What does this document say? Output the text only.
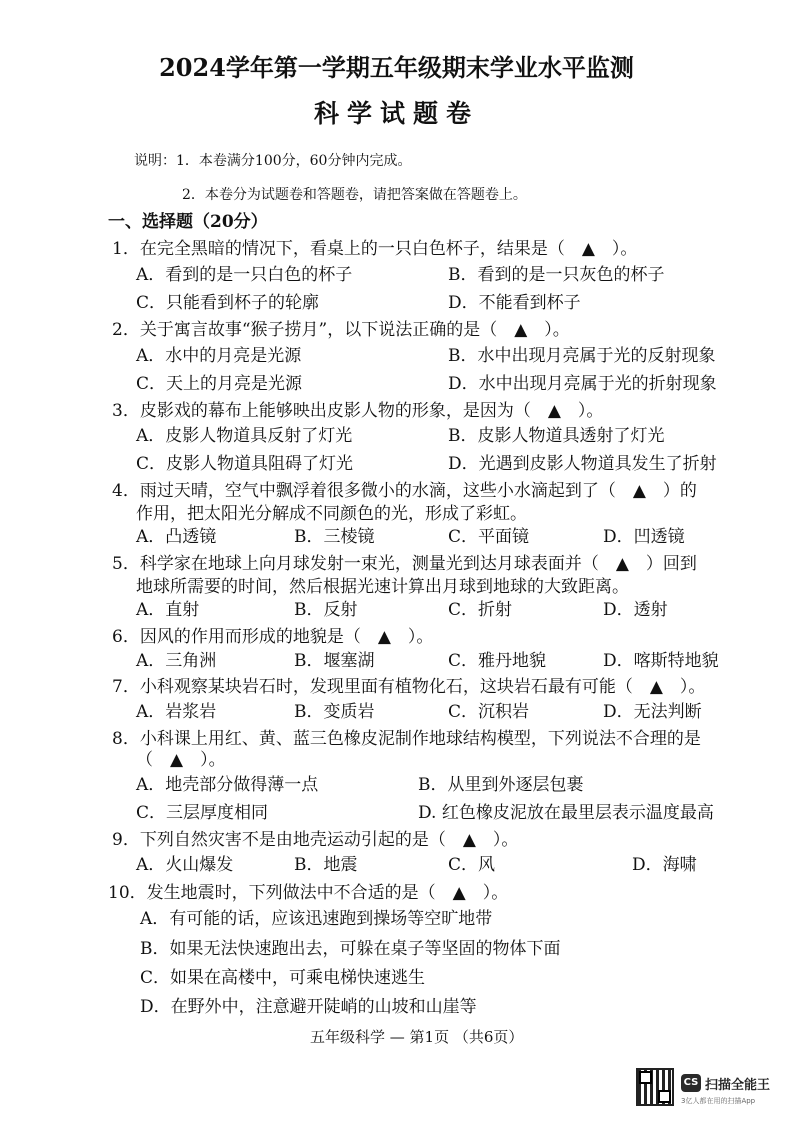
2024学年第一学期五年级期末学业水平监测
科学试题卷
说明：1．本卷满分100分，60分钟内完成。
2．本卷分为试题卷和答题卷，请把答案做在答题卷上。
一、选择题（20分）
1．在完全黑暗的情况下，看桌上的一只白色杯子，结果是（　▲　）。
A．看到的是一只白色的杯子	B．看到的是一只灰色的杯子
C．只能看到杯子的轮廓	D．不能看到杯子
2．关于寓言故事“猴子捞月”，以下说法正确的是（　▲　）。
A．水中的月亮是光源	B．水中出现月亮属于光的反射现象
C．天上的月亮是光源	D．水中出现月亮属于光的折射现象
3．皮影戏的幕布上能够映出皮影人物的形象，是因为（　▲　）。
A．皮影人物道具反射了灯光	B．皮影人物道具透射了灯光
C．皮影人物道具阻碍了灯光	D．光遇到皮影人物道具发生了折射
4．雨过天晴，空气中飘浮着很多微小的水滴，这些小水滴起到了（　▲　）的
作用，把太阳光分解成不同颜色的光，形成了彩虹。
A．凸透镜	B．三棱镜	C．平面镜	D．凹透镜
5．科学家在地球上向月球发射一束光，测量光到达月球表面并（　▲　）回到
地球所需要的时间，然后根据光速计算出月球到地球的大致距离。
A．直射	B．反射	C．折射	D．透射
6．因风的作用而形成的地貌是（　▲　）。
A．三角洲	B．堰塞湖	C．雅丹地貌	D．喀斯特地貌
7．小科观察某块岩石时，发现里面有植物化石，这块岩石最有可能（　▲　）。
A．岩浆岩	B．变质岩	C．沉积岩	D．无法判断
8．小科课上用红、黄、蓝三色橡皮泥制作地球结构模型，下列说法不合理的是
（　▲　）。
A．地壳部分做得薄一点	B．从里到外逐层包裹
C．三层厚度相同	D. 红色橡皮泥放在最里层表示温度最高
9．下列自然灾害不是由地壳运动引起的是（　▲　）。
A．火山爆发	B．地震	C．风	D．海啸
10．发生地震时，下列做法中不合适的是（　▲　）。
A．有可能的话，应该迅速跑到操场等空旷地带
B．如果无法快速跑出去，可躲在桌子等坚固的物体下面
C．如果在高楼中，可乘电梯快速逃生
D．在野外中，注意避开陡峭的山坡和山崖等
五年级科学 — 第1页 （共6页）
CS 扫描全能王
3亿人都在用的扫描App
